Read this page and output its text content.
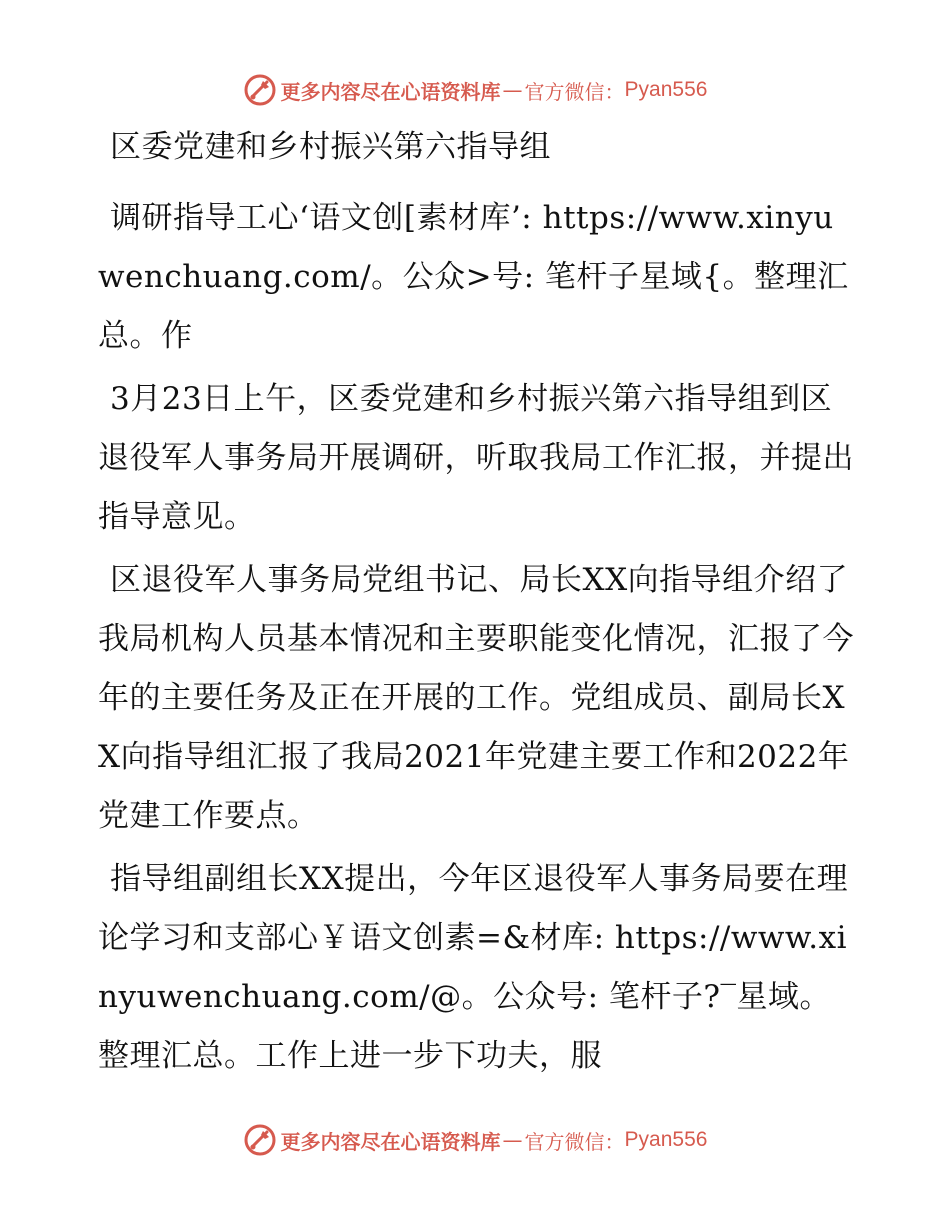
更多内容尽在心语资料库 — 官方微信： Pyan556

区委党建和乡村振兴第六指导组

调研指导工心‘语文创[素材库’: https://www.xinyuwenchuang.com/。公众>号: 笔杆子星域{。整理汇总。作

3月23日上午，区委党建和乡村振兴第六指导组到区退役军人事务局开展调研，听取我局工作汇报，并提出指导意见。

区退役军人事务局党组书记、局长XX向指导组介绍了我局机构人员基本情况和主要职能变化情况，汇报了今年的主要任务及正在开展的工作。党组成员、副局长XX向指导组汇报了我局2021年党建主要工作和2022年党建工作要点。

指导组副组长XX提出，今年区退役军人事务局要在理论学习和支部心￥语文创素=&材库: https://www.xinyuwenchuang.com/@。公众号: 笔杆子?‾星域。整理汇总。工作上进一步下功夫，服

更多内容尽在心语资料库 — 官方微信： Pyan556
